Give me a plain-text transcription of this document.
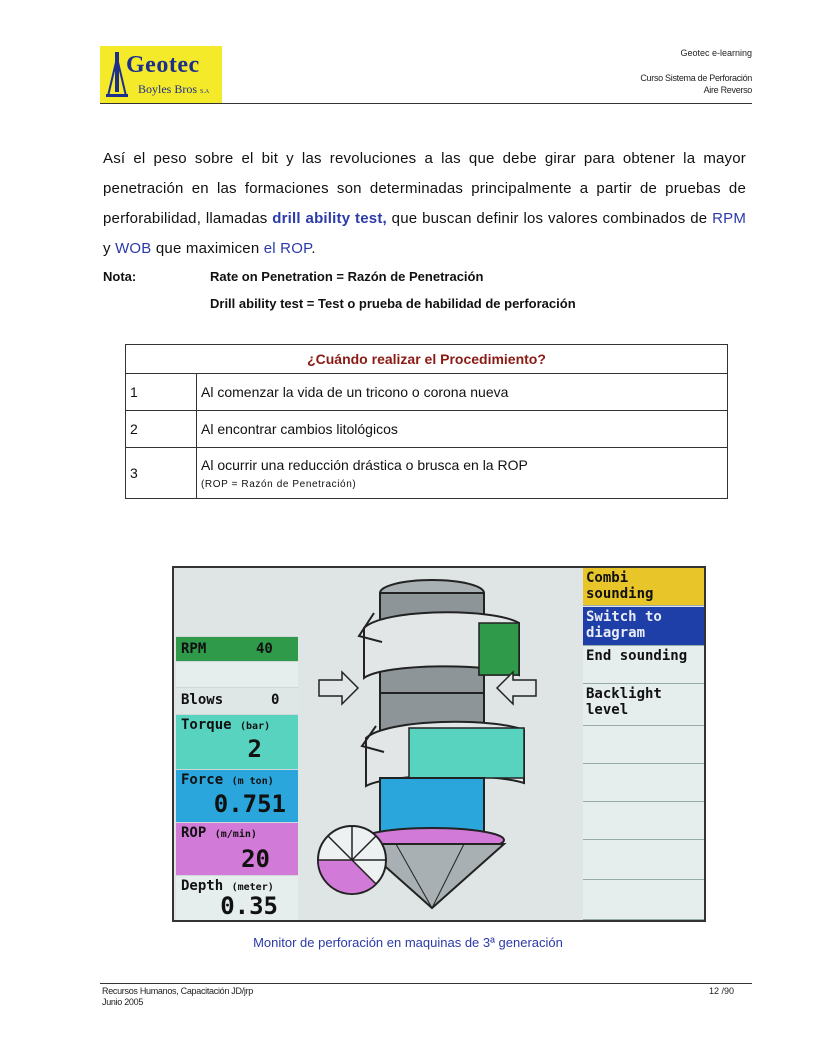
Geotec
Boyles Bros S.A
Geotec e-learning
Curso Sistema de Perforación
Aire Reverso
Así el peso sobre el bit y las revoluciones a las que debe girar para obtener la mayor penetración en las formaciones son determinadas principalmente a partir de pruebas de perforabilidad, llamadas drill ability test, que buscan definir los valores combinados de RPM y WOB que maximicen el ROP.
Nota:	Rate on Penetration = Razón de Penetración
Drill ability test = Test o prueba de habilidad de perforación
¿Cuándo realizar el Procedimiento?	
1	Al comenzar la vida de un tricono o corona nueva
2	Al encontrar cambios litológicos
3	Al ocurrir una reducción drástica o brusca en la ROP
(ROP = Razón de Penetración)
RPM	40
Blows	0
Torque (bar)
2
Force (m ton)
0.751
ROP (m/min)
20
Depth (meter)
0.35
Combi
sounding
Switch to
diagram
End sounding
Backlight
level
Monitor de perforación en maquinas de 3ª generación
Recursos Humanos, Capacitación JD/jrp
Junio 2005
12 /90
